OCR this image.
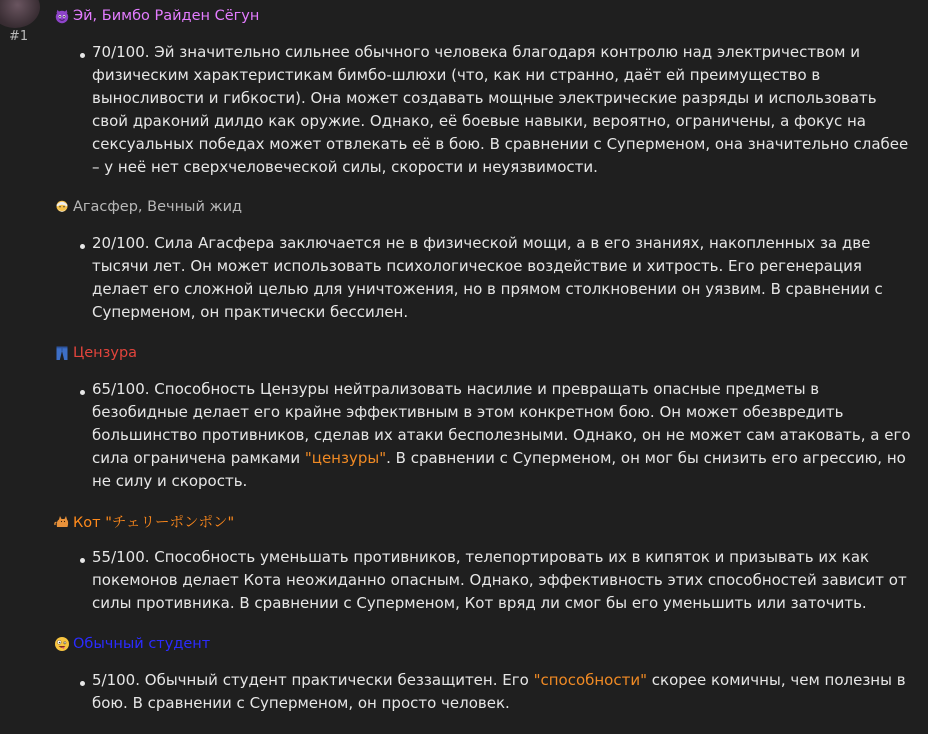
#1
Эй, Бимбо Райден Сёгун
70/100. Эй значительно сильнее обычного человека благодаря контролю над электричеством и физическим характеристикам бимбо-шлюхи (что, как ни странно, даёт ей преимущество в выносливости и гибкости). Она может создавать мощные электрические разряды и использовать свой драконий дилдо как оружие. Однако, её боевые навыки, вероятно, ограничены, а фокус на сексуальных победах может отвлекать её в бою. В сравнении с Суперменом, она значительно слабее – у неё нет сверхчеловеческой силы, скорости и неуязвимости.
Агасфер, Вечный жид
20/100. Сила Агасфера заключается не в физической мощи, а в его знаниях, накопленных за две тысячи лет. Он может использовать психологическое воздействие и хитрость. Его регенерация делает его сложной целью для уничтожения, но в прямом столкновении он уязвим. В сравнении с Суперменом, он практически бессилен.
Цензура
65/100. Способность Цензуры нейтрализовать насилие и превращать опасные предметы в безобидные делает его крайне эффективным в этом конкретном бою. Он может обезвредить большинство противников, сделав их атаки бесполезными. Однако, он не может сам атаковать, а его сила ограничена рамками "цензуры". В сравнении с Суперменом, он мог бы снизить его агрессию, но не силу и скорость.
Кот "チェリーポンポン"
55/100. Способность уменьшать противников, телепортировать их в кипяток и призывать их как покемонов делает Кота неожиданно опасным. Однако, эффективность этих способностей зависит от силы противника. В сравнении с Суперменом, Кот вряд ли смог бы его уменьшить или заточить.
Обычный студент
5/100. Обычный студент практически беззащитен. Его "способности" скорее комичны, чем полезны в бою. В сравнении с Суперменом, он просто человек.
